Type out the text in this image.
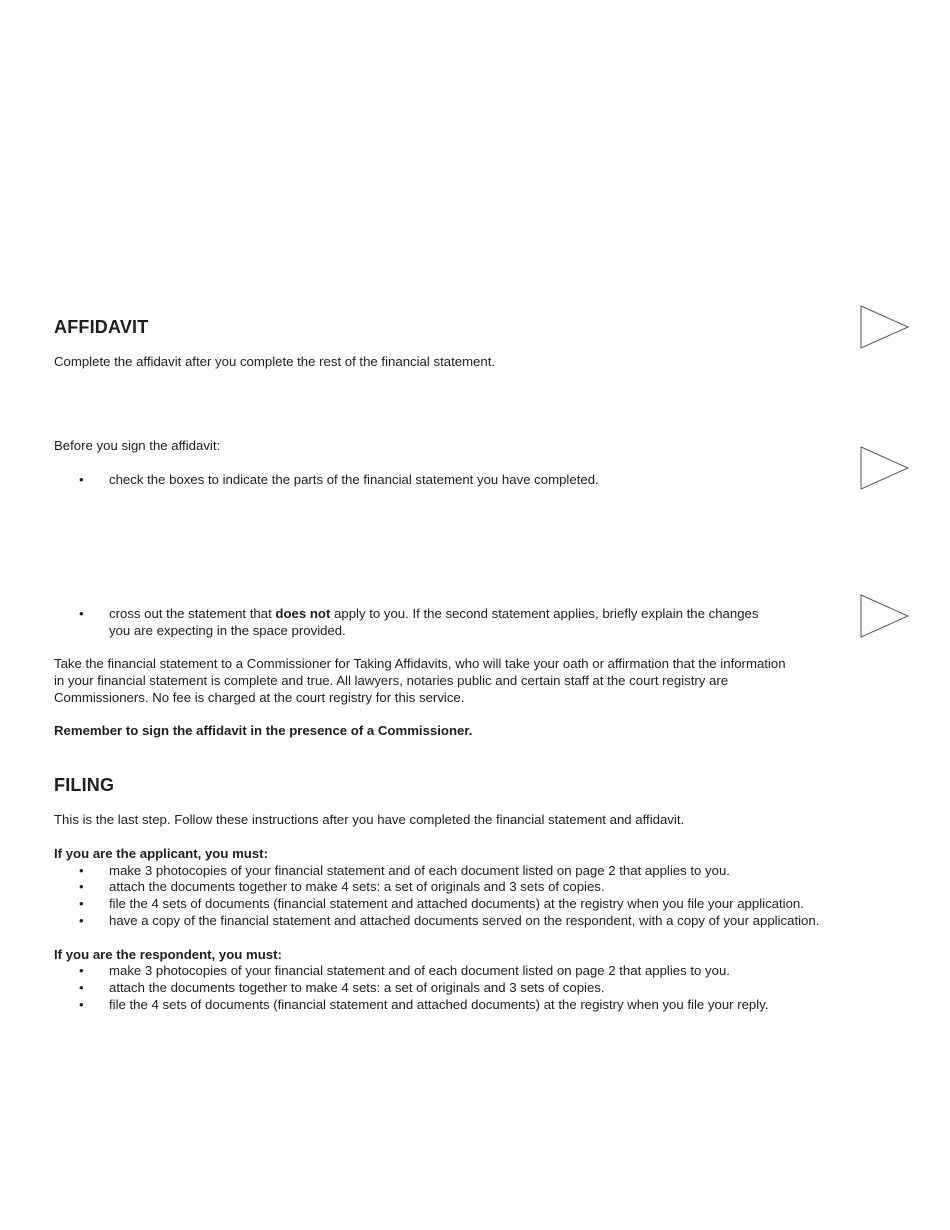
AFFIDAVIT

Complete the affidavit after you complete the rest of the financial statement.

Before you sign the affidavit:

• check the boxes to indicate the parts of the financial statement you have completed.
• cross out the statement that does not apply to you. If the second statement applies, briefly explain the changes
you are expecting in the space provided.
Take the financial statement to a Commissioner for Taking Affidavits, who will take your oath or affirmation that the information
in your financial statement is complete and true. All lawyers, notaries public and certain staff at the court registry are
Commissioners. No fee is charged at the court registry for this service.

Remember to sign the affidavit in the presence of a Commissioner.

FILING

This is the last step. Follow these instructions after you have completed the financial statement and affidavit.

If you are the applicant, you must:

• make 3 photocopies of your financial statement and of each document listed on page 2 that applies to you.
• attach the documents together to make 4 sets: a set of originals and 3 sets of copies.
• file the 4 sets of documents (financial statement and attached documents) at the registry when you file your application.
• have a copy of the financial statement and attached documents served on the respondent, with a copy of your application.

If you are the respondent, you must:

• make 3 photocopies of your financial statement and of each document listed on page 2 that applies to you.
• attach the documents together to make 4 sets: a set of originals and 3 sets of copies.
• file the 4 sets of documents (financial statement and attached documents) at the registry when you file your reply.
